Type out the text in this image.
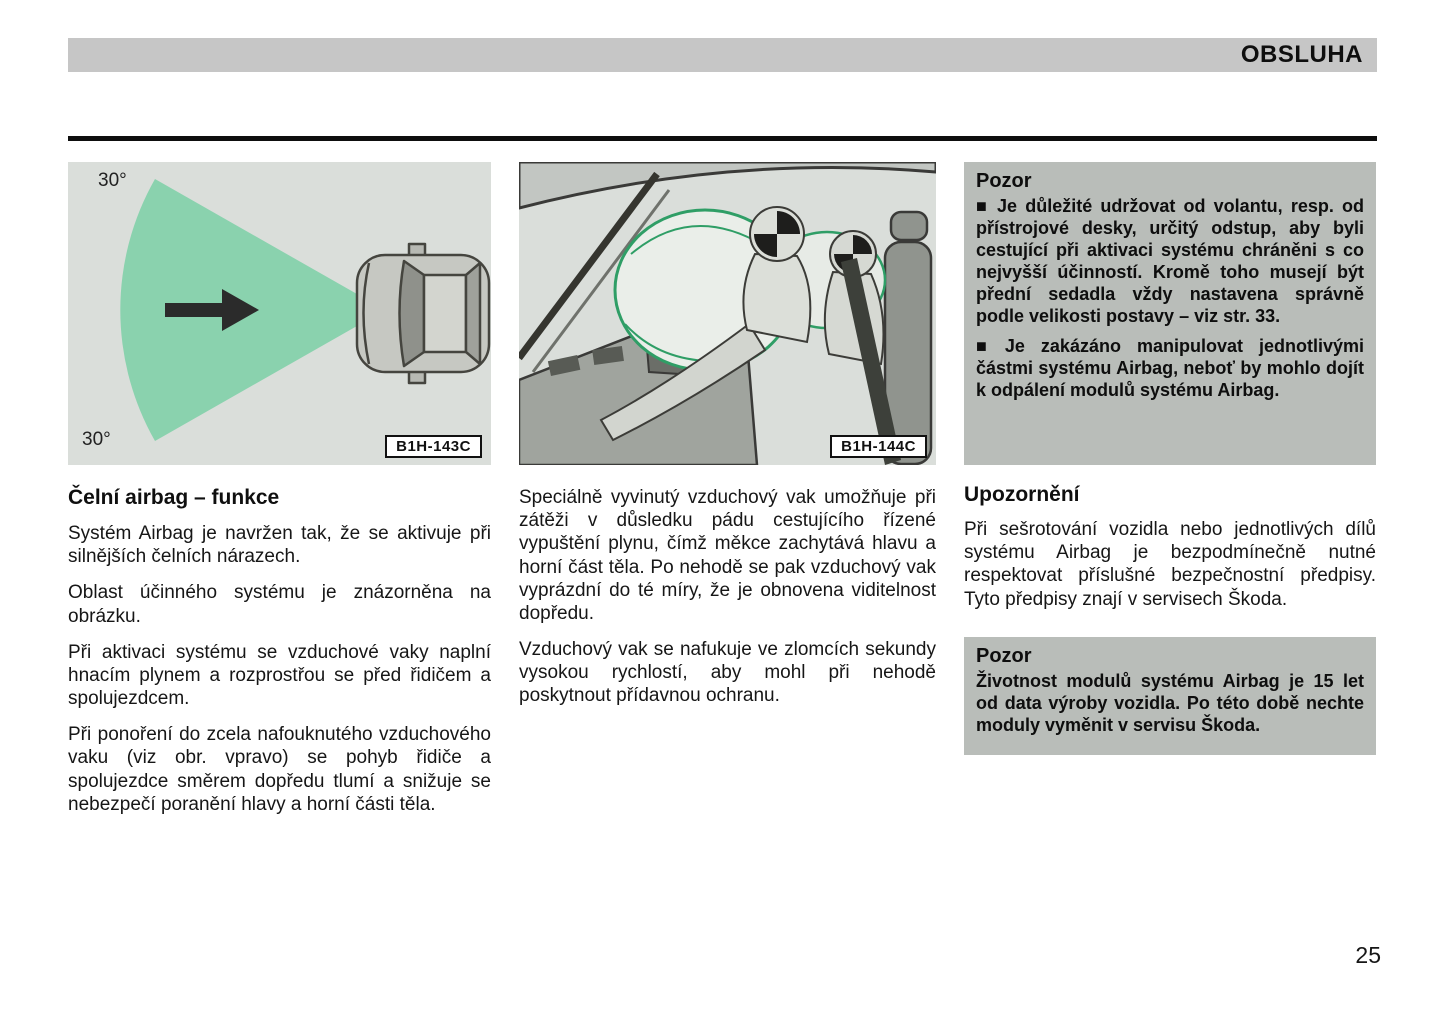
OBSLUHA
30°
30°	B1H-143C
Čelní airbag – funkce

Systém Airbag je navržen tak, že se aktivuje při silnějších čelních nárazech.

Oblast účinného systému je znázorněna na obrázku.

Při aktivaci systému se vzduchové vaky naplní hnacím plynem a rozprostřou se před řidičem a spolujezdcem.

Při ponoření do zcela nafouknutého vzduchového vaku (viz obr. vpravo) se pohyb řidiče a spolujezdce směrem dopředu tlumí a snižuje se nebezpečí poranění hlavy a horní části těla.

B1H-144C

Speciálně vyvinutý vzduchový vak umožňuje při zátěži v důsledku pádu cestujícího řízené vypuštění plynu, čímž měkce zachytává hlavu a horní část těla. Po nehodě se pak vzduchový vak vyprázdní do té míry, že je obnovena viditelnost dopředu.

Vzduchový vak se nafukuje ve zlomcích sekundy vysokou rychlostí, aby mohl při nehodě poskytnout přídavnou ochranu.

Pozor

■ Je důležité udržovat od volantu, resp. od přístrojové desky, určitý odstup, aby byli cestující při aktivaci systému chráněni s co nejvyšší účinností. Kromě toho musejí být přední sedadla vždy nastavena správně podle velikosti postavy – viz str. 33.

■ Je zakázáno manipulovat jednotlivými částmi systému Airbag, neboť by mohlo dojít k odpálení modulů systému Airbag.

Upozornění

Při sešrotování vozidla nebo jednotlivých dílů systému Airbag je bezpodmínečně nutné respektovat příslušné bezpečnostní předpisy. Tyto předpisy znají v servisech Škoda.

Pozor

Životnost modulů systému Airbag je 15 let od data výroby vozidla. Po této době nechte moduly vyměnit v servisu Škoda.

25
